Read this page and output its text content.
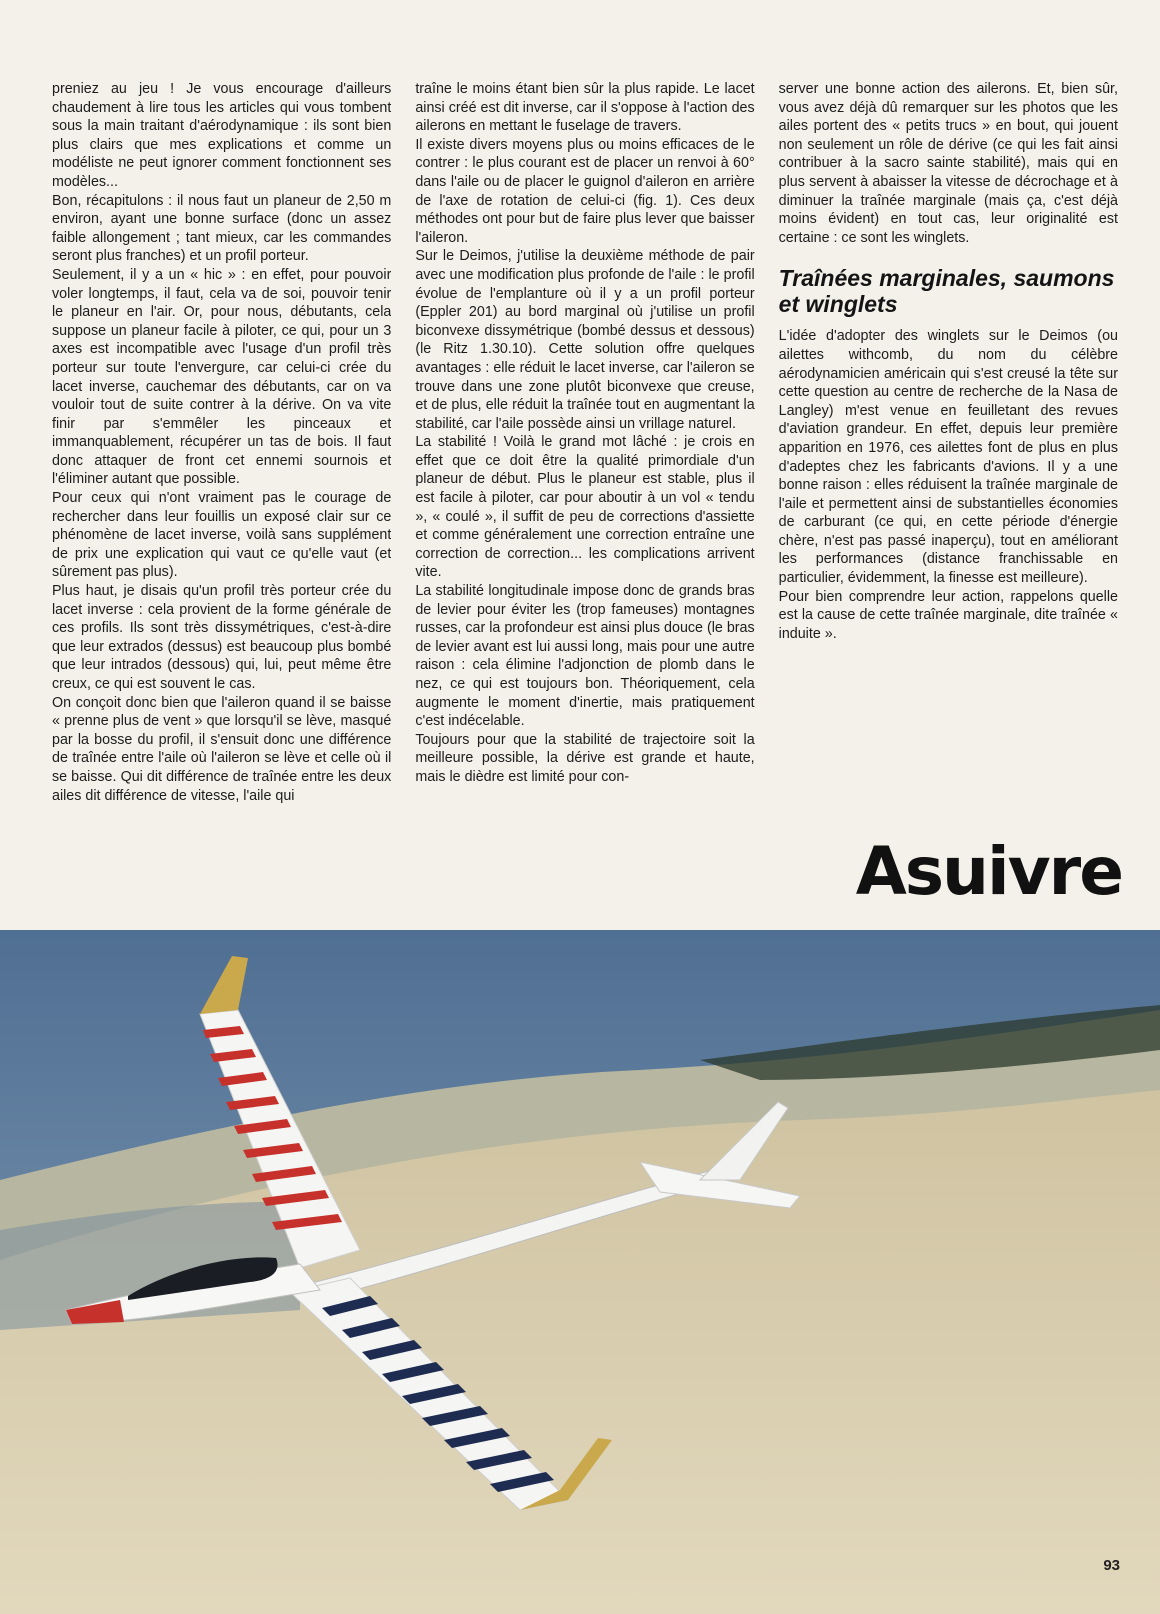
preniez au jeu ! Je vous encourage d'ailleurs chaudement à lire tous les articles qui vous tombent sous la main traitant d'aérodynamique : ils sont bien plus clairs que mes explications et comme un modéliste ne peut ignorer comment fonctionnent ses modèles...

Bon, récapitulons : il nous faut un planeur de 2,50 m environ, ayant une bonne surface (donc un assez faible allongement ; tant mieux, car les commandes seront plus franches) et un profil porteur.

Seulement, il y a un « hic » : en effet, pour pouvoir voler longtemps, il faut, cela va de soi, pouvoir tenir le planeur en l'air. Or, pour nous, débutants, cela suppose un planeur facile à piloter, ce qui, pour un 3 axes est incompatible avec l'usage d'un profil très porteur sur toute l'envergure, car celui-ci crée du lacet inverse, cauchemar des débutants, car on va vouloir tout de suite contrer à la dérive. On va vite finir par s'emmêler les pinceaux et immanquablement, récupérer un tas de bois. Il faut donc attaquer de front cet ennemi sournois et l'éliminer autant que possible.

Pour ceux qui n'ont vraiment pas le courage de rechercher dans leur fouillis un exposé clair sur ce phénomène de lacet inverse, voilà sans supplément de prix une explication qui vaut ce qu'elle vaut (et sûrement pas plus).

Plus haut, je disais qu'un profil très porteur crée du lacet inverse : cela provient de la forme générale de ces profils. Ils sont très dissymétriques, c'est-à-dire que leur extrados (dessus) est beaucoup plus bombé que leur intrados (dessous) qui, lui, peut même être creux, ce qui est souvent le cas.

On conçoit donc bien que l'aileron quand il se baisse « prenne plus de vent » que lorsqu'il se lève, masqué par la bosse du profil, il s'ensuit donc une différence de traînée entre l'aile où l'aileron se lève et celle où il se baisse. Qui dit différence de traînée entre les deux ailes dit différence de vitesse, l'aile qui

traîne le moins étant bien sûr la plus rapide. Le lacet ainsi créé est dit inverse, car il s'oppose à l'action des ailerons en mettant le fuselage de travers.

Il existe divers moyens plus ou moins efficaces de le contrer : le plus courant est de placer un renvoi à 60° dans l'aile ou de placer le guignol d'aileron en arrière de l'axe de rotation de celui-ci (fig. 1). Ces deux méthodes ont pour but de faire plus lever que baisser l'aileron.

Sur le Deimos, j'utilise la deuxième méthode de pair avec une modification plus profonde de l'aile : le profil évolue de l'emplanture où il y a un profil porteur (Eppler 201) au bord marginal où j'utilise un profil biconvexe dissymétrique (bombé dessus et dessous) (le Ritz 1.30.10). Cette solution offre quelques avantages : elle réduit le lacet inverse, car l'aileron se trouve dans une zone plutôt biconvexe que creuse, et de plus, elle réduit la traînée tout en augmentant la stabilité, car l'aile possède ainsi un vrillage naturel.

La stabilité ! Voilà le grand mot lâché : je crois en effet que ce doit être la qualité primordiale d'un planeur de début. Plus le planeur est stable, plus il est facile à piloter, car pour aboutir à un vol « tendu », « coulé », il suffit de peu de corrections d'assiette et comme généralement une correction entraîne une correction de correction... les complications arrivent vite.

La stabilité longitudinale impose donc de grands bras de levier pour éviter les (trop fameuses) montagnes russes, car la profondeur est ainsi plus douce (le bras de levier avant est lui aussi long, mais pour une autre raison : cela élimine l'adjonction de plomb dans le nez, ce qui est toujours bon. Théoriquement, cela augmente le moment d'inertie, mais pratiquement c'est indécelable.

Toujours pour que la stabilité de trajectoire soit la meilleure possible, la dérive est grande et haute, mais le dièdre est limité pour con-

server une bonne action des ailerons. Et, bien sûr, vous avez déjà dû remarquer sur les photos que les ailes portent des « petits trucs » en bout, qui jouent non seulement un rôle de dérive (ce qui les fait ainsi contribuer à la sacro sainte stabilité), mais qui en plus servent à abaisser la vitesse de décrochage et à diminuer la traînée marginale (mais ça, c'est déjà moins évident) en tout cas, leur originalité est certaine : ce sont les winglets.

Traînées marginales, saumons et winglets

L'idée d'adopter des winglets sur le Deimos (ou ailettes withcomb, du nom du célèbre aérodynamicien américain qui s'est creusé la tête sur cette question au centre de recherche de la Nasa de Langley) m'est venue en feuilletant des revues d'aviation grandeur. En effet, depuis leur première apparition en 1976, ces ailettes font de plus en plus d'adeptes chez les fabricants d'avions. Il y a une bonne raison : elles réduisent la traînée marginale de l'aile et permettent ainsi de substantielles économies de carburant (ce qui, en cette période d'énergie chère, n'est pas passé inaperçu), tout en améliorant les performances (distance franchissable en particulier, évidemment, la finesse est meilleure).

Pour bien comprendre leur action, rappelons quelle est la cause de cette traînée marginale, dite traînée « induite ».

Asuivre
93
